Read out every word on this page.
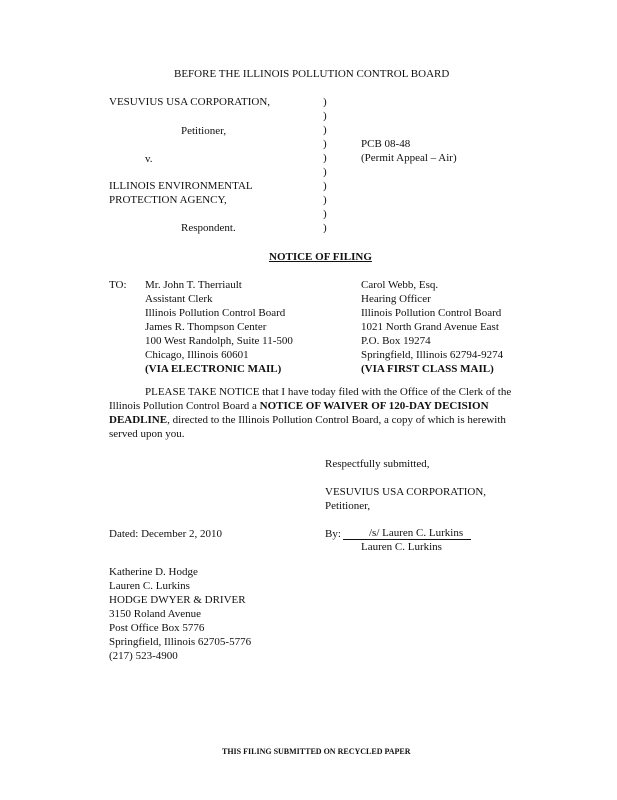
BEFORE THE ILLINOIS POLLUTION CONTROL BOARD
VESUVIUS USA CORPORATION,
Petitioner,
v.
ILLINOIS ENVIRONMENTAL
PROTECTION AGENCY,
Respondent.
)
)
)
)
)
)
)
)
)
)
PCB 08-48
(Permit Appeal – Air)
NOTICE OF FILING
TO: Mr. John T. Therriault
Assistant Clerk
Illinois Pollution Control Board
James R. Thompson Center
100 West Randolph, Suite 11-500
Chicago, Illinois 60601
(VIA ELECTRONIC MAIL)
Carol Webb, Esq.
Hearing Officer
Illinois Pollution Control Board
1021 North Grand Avenue East
P.O. Box 19274
Springfield, Illinois 62794-9274
(VIA FIRST CLASS MAIL)
PLEASE TAKE NOTICE that I have today filed with the Office of the Clerk of the Illinois Pollution Control Board a NOTICE OF WAIVER OF 120-DAY DECISION DEADLINE, directed to the Illinois Pollution Control Board, a copy of which is herewith served upon you.
Respectfully submitted,
VESUVIUS USA CORPORATION,
Petitioner,
Dated: December 2, 2010	By:	/s/ Lauren C. Lurkins
Lauren C. Lurkins
Katherine D. Hodge
Lauren C. Lurkins
HODGE DWYER & DRIVER
3150 Roland Avenue
Post Office Box 5776
Springfield, Illinois 62705-5776
(217) 523-4900
THIS FILING SUBMITTED ON RECYCLED PAPER
